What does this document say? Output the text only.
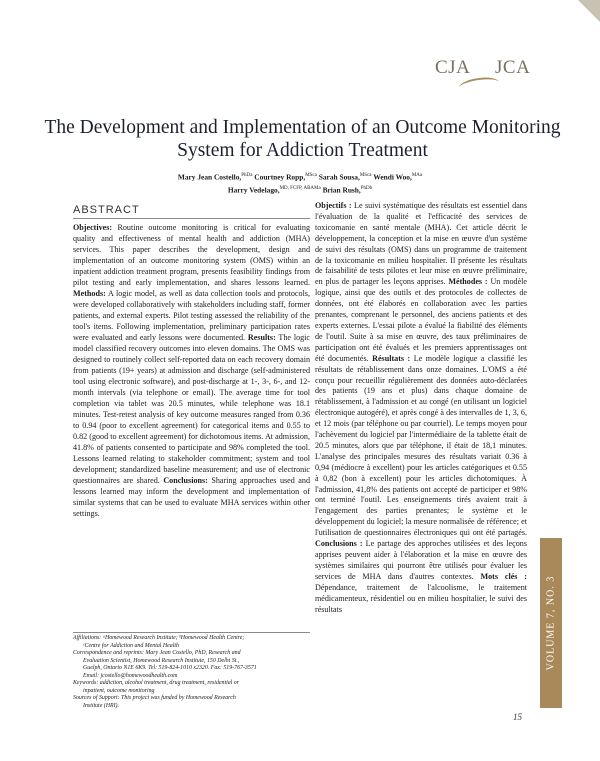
CJA
–
JCA
The Development and Implementation of an Outcome Monitoring System for Addiction Treatment
Mary Jean Costello,$^{PhDa}$ Courtney Ropp,$^{MSca}$ Sarah Sousa,$^{MSca}$ Wendi Woo,$^{MAa}$
Harry Vedelago,$^{MD, FCFP, ABAMa}$ Brian Rush,$^{PhDb}$
ABSTRACT
Objectives: Routine outcome monitoring is critical for evaluating quality and effectiveness of mental health and addiction (MHA) services. This paper describes the development, design and implementation of an outcome monitoring system (OMS) within an inpatient addiction treatment program, presents feasibility findings from pilot testing and early implementation, and shares lessons learned. Methods: A logic model, as well as data collection tools and protocols, were developed collaboratively with stakeholders including staff, former patients, and external experts. Pilot testing assessed the reliability of the tool's items. Following implementation, preliminary participation rates were evaluated and early lessons were documented. Results: The logic model classified recovery outcomes into eleven domains. The OMS was designed to routinely collect self-reported data on each recovery domain from patients (19+ years) at admission and discharge (self-administered tool using electronic software), and post-discharge at 1-, 3-, 6-, and 12-month intervals (via telephone or email). The average time for tool completion via tablet was 20.5 minutes, while telephone was 18.1 minutes. Test-retest analysis of key outcome measures ranged from 0.36 to 0.94 (poor to excellent agreement) for categorical items and 0.55 to 0.82 (good to excellent agreement) for dichotomous items. At admission, 41.8% of patients consented to participate and 98% completed the tool. Lessons learned relating to stakeholder commitment; system and tool development; standardized baseline measurement; and use of electronic questionnaires are shared. Conclusions: Sharing approaches used and lessons learned may inform the development and implementation of similar systems that can be used to evaluate MHA services within other settings.
Objectifs : Le suivi systématique des résultats est essentiel dans l'évaluation de la qualité et l'efficacité des services de toxicomanie en santé mentale (MHA). Cet article décrit le développement, la conception et la mise en œuvre d'un système de suivi des résultats (OMS) dans un programme de traitement de la toxicomanie en milieu hospitalier. Il présente les résultats de faisabilité de tests pilotes et leur mise en œuvre préliminaire, en plus de partager les leçons apprises. Méthodes : Un modèle logique, ainsi que des outils et des protocoles de collectes de données, ont été élaborés en collaboration avec les parties prenantes, comprenant le personnel, des anciens patients et des experts externes. L'essai pilote a évalué la fiabilité des éléments de l'outil. Suite à sa mise en œuvre, des taux préliminaires de participation ont été évalués et les premiers apprentissages ont été documentés. Résultats : Le modèle logique a classifié les résultats de rétablissement dans onze domaines. L'OMS a été conçu pour recueillir régulièrement des données auto-déclarées des patients (19 ans et plus) dans chaque domaine de rétablissement, à l'admission et au congé (en utilisant un logiciel électronique autogéré), et après congé à des intervalles de 1, 3, 6, et 12 mois (par téléphone ou par courriel). Le temps moyen pour l'achèvement du logiciel par l'intermédiaire de la tablette était de 20.5 minutes, alors que par téléphone, il était de 18,1 minutes. L'analyse des principales mesures des résultats variait 0.36 à 0,94 (médiocre à excellent) pour les articles catégoriques et 0.55 à 0,82 (bon à excellent) pour les articles dichotomiques. À l'admission, 41,8% des patients ont accepté de participer et 98% ont terminé l'outil. Les enseignements tirés avaient trait à l'engagement des parties prenantes; le système et le développement du logiciel; la mesure normalisée de référence; et l'utilisation de questionnaires électroniques qui ont été partagés. Conclusions : Le partage des approches utilisées et des leçons apprises peuvent aider à l'élaboration et la mise en œuvre des systèmes similaires qui pourront être utilisés pour évaluer les services de MHA dans d'autres contextes. Mots clés : Dépendance, traitement de l'alcoolisme, le traitement médicamenteux, résidentiel ou en milieu hospitalier, le suivi des résultats

Affiliations: ᵃHomewood Research Institute; ᵇHomewood Health Centre;

ᶜCentre for Addiction and Mental Health

Correspondence and reprints: Mary Jean Costello, PhD, Research and

Evaluation Scientist, Homewood Research Institute, 150 Delhi St.,

Guelph, Ontario N1E 6K9. Tel: 519-824-1010 x2320. Fax: 519-767-3571

Email: jcostello@homewoodhealth.com

Keywords: addiction, alcohol treatment, drug treatment, residential or

inpatient, outcome monitoring

Sources of Support: This project was funded by Homewood Research

Institute (HRI).

VOLUME 7, NO. 3
15
